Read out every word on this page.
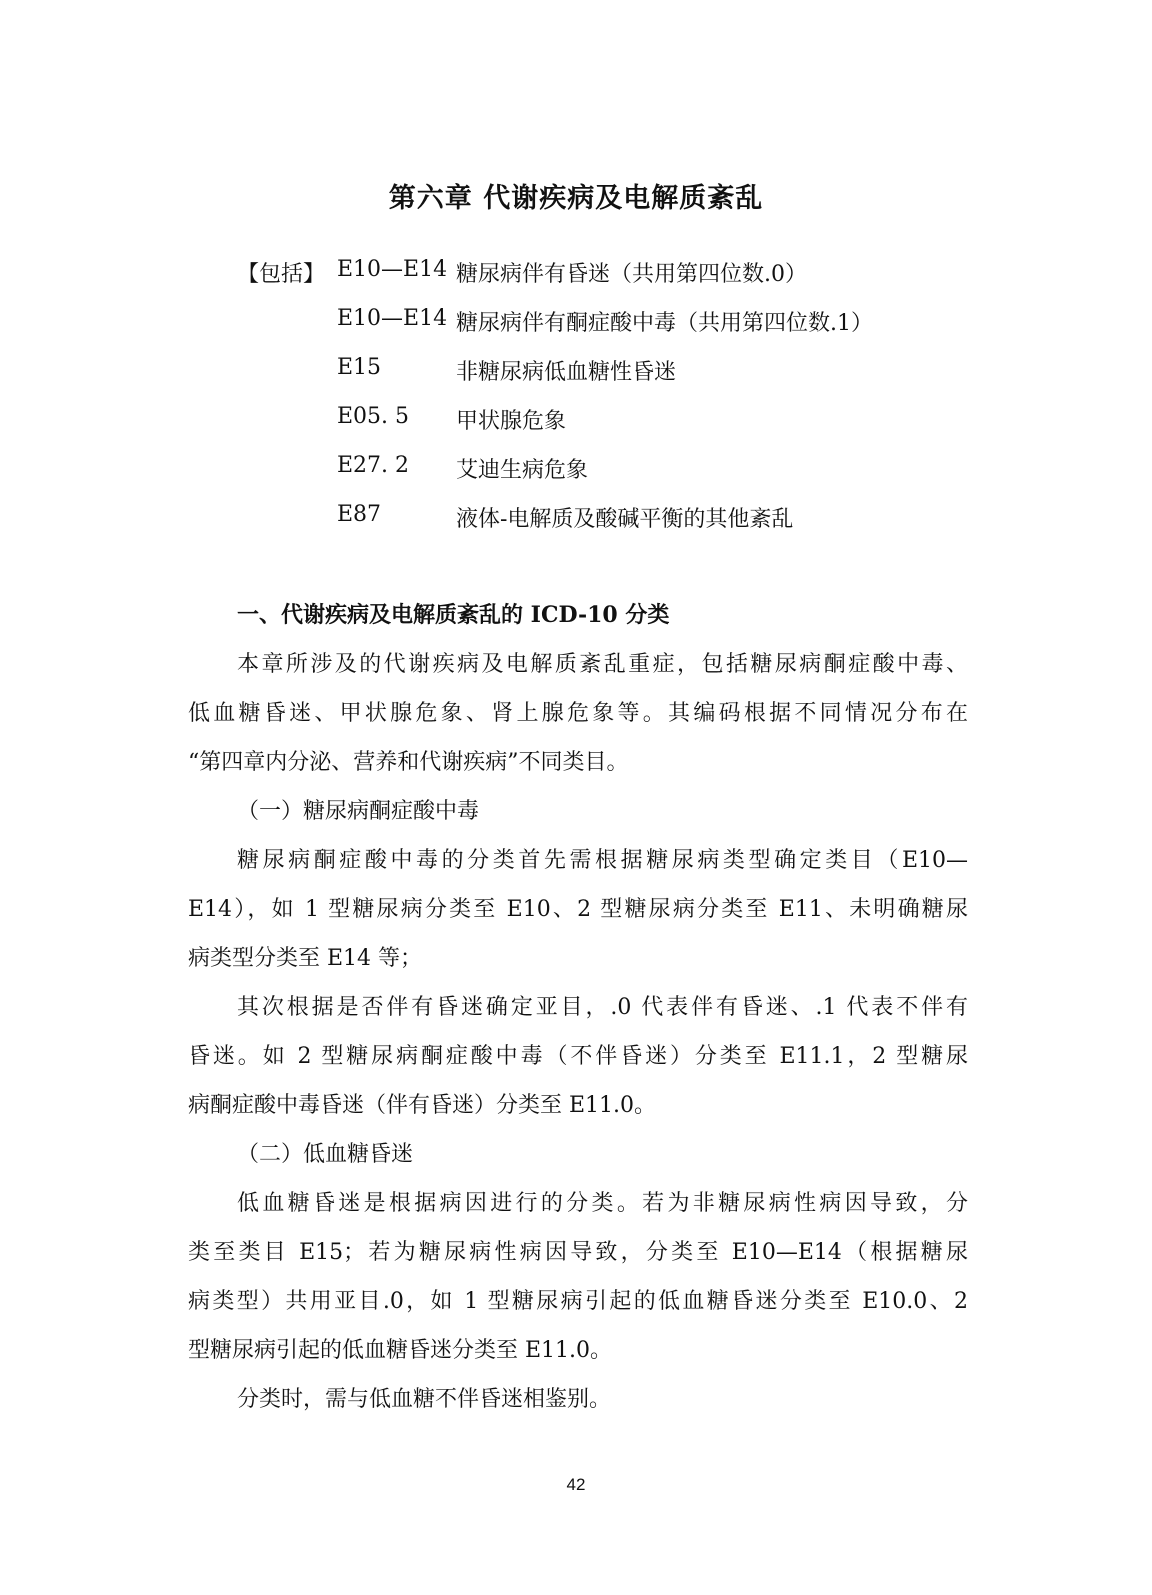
第六章 代谢疾病及电解质紊乱
【包括】 E10—E14 糖尿病伴有昏迷（共用第四位数.0）
E10—E14 糖尿病伴有酮症酸中毒（共用第四位数.1）
E15	非糖尿病低血糖性昏迷
E05. 5 甲状腺危象
E27. 2 艾迪生病危象
E87	液体-电解质及酸碱平衡的其他紊乱
一、代谢疾病及电解质紊乱的 ICD-10 分类
本章所涉及的代谢疾病及电解质紊乱重症，包括糖尿病酮症酸中毒、
低血糖昏迷、甲状腺危象、肾上腺危象等。其编码根据不同情况分布在
“第四章内分泌、营养和代谢疾病”不同类目。
（一）糖尿病酮症酸中毒
糖尿病酮症酸中毒的分类首先需根据糖尿病类型确定类目（E10—
E14），如 1 型糖尿病分类至 E10、2 型糖尿病分类至 E11、未明确糖尿
病类型分类至 E14 等；
其次根据是否伴有昏迷确定亚目，.0 代表伴有昏迷、.1 代表不伴有
昏迷。如 2 型糖尿病酮症酸中毒（不伴昏迷）分类至 E11.1，2 型糖尿
病酮症酸中毒昏迷（伴有昏迷）分类至 E11.0。
（二）低血糖昏迷
低血糖昏迷是根据病因进行的分类。若为非糖尿病性病因导致，分
类至类目 E15；若为糖尿病性病因导致，分类至 E10—E14（根据糖尿
病类型）共用亚目.0，如 1 型糖尿病引起的低血糖昏迷分类至 E10.0、2
型糖尿病引起的低血糖昏迷分类至 E11.0。
分类时，需与低血糖不伴昏迷相鉴别。
42
